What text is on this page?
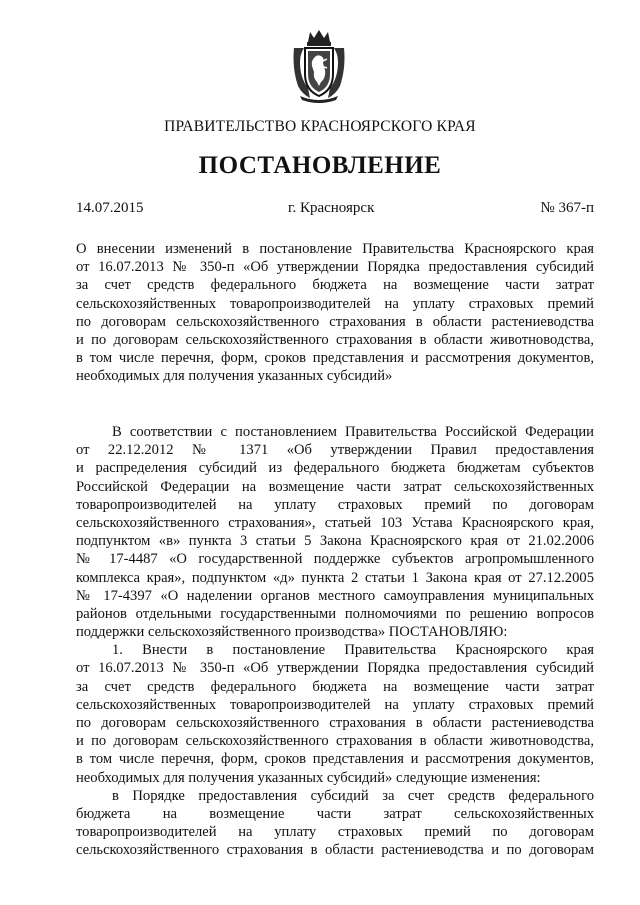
ПРАВИТЕЛЬСТВО КРАСНОЯРСКОГО КРАЯ
ПОСТАНОВЛЕНИЕ
14.07.2015	г. Красноярск	№ 367-п
О внесении изменений в постановление Правительства Красноярского края
от 16.07.2013 № 350-п «Об утверждении Порядка предоставления субсидий
за счет средств федерального бюджета на возмещение части затрат
сельскохозяйственных товаропроизводителей на уплату страховых премий
по договорам сельскохозяйственного страхования в области растениеводства
и по договорам сельскохозяйственного страхования в области животноводства,
в том числе перечня, форм, сроков представления и рассмотрения документов,
необходимых для получения указанных субсидий»
В соответствии с постановлением Правительства Российской Федерации
от 22.12.2012 № 1371 «Об утверждении Правил предоставления
и распределения субсидий из федерального бюджета бюджетам субъектов
Российской Федерации на возмещение части затрат сельскохозяйственных
товаропроизводителей на уплату страховых премий по договорам
сельскохозяйственного страхования», статьей 103 Устава Красноярского края,
подпунктом «в» пункта 3 статьи 5 Закона Красноярского края от 21.02.2006
№ 17-4487 «О государственной поддержке субъектов агропромышленного
комплекса края», подпунктом «д» пункта 2 статьи 1 Закона края от 27.12.2005
№ 17-4397 «О наделении органов местного самоуправления муниципальных
районов отдельными государственными полномочиями по решению вопросов
поддержки сельскохозяйственного производства» ПОСТАНОВЛЯЮ:
1. Внести в постановление Правительства Красноярского края
от 16.07.2013 № 350-п «Об утверждении Порядка предоставления субсидий
за счет средств федерального бюджета на возмещение части затрат
сельскохозяйственных товаропроизводителей на уплату страховых премий
по договорам сельскохозяйственного страхования в области растениеводства
и по договорам сельскохозяйственного страхования в области животноводства,
в том числе перечня, форм, сроков представления и рассмотрения документов,
необходимых для получения указанных субсидий» следующие изменения:
в Порядке предоставления субсидий за счет средств федерального
бюджета на возмещение части затрат сельскохозяйственных
товаропроизводителей на уплату страховых премий по договорам
сельскохозяйственного страхования в области растениеводства и по договорам
